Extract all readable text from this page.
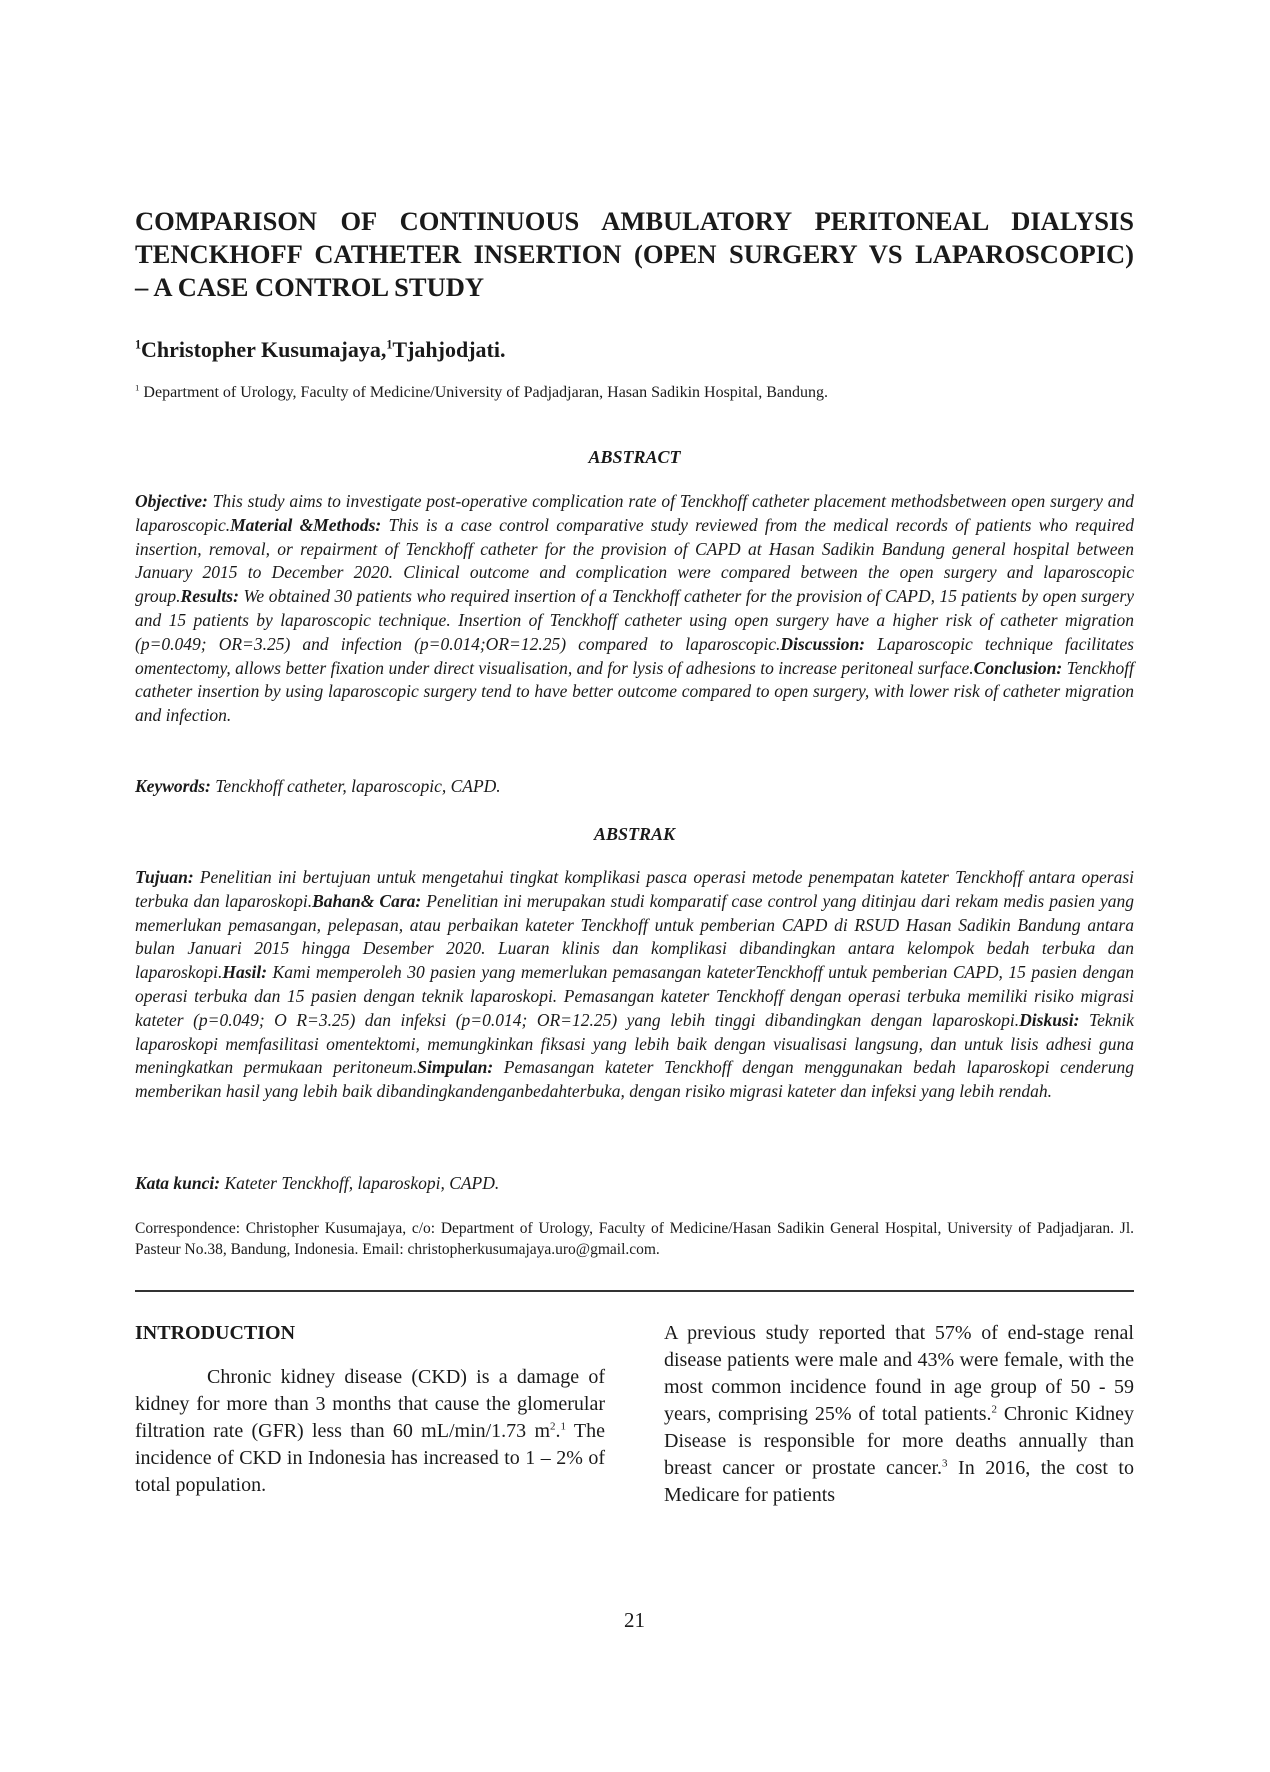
COMPARISON OF CONTINUOUS AMBULATORY PERITONEAL DIALYSIS
TENCKHOFF CATHETER INSERTION (OPEN SURGERY VS LAPAROSCOPIC)
– A CASE CONTROL STUDY

$^1$Christopher Kusumajaya,$^1$Tjahjodjati.

$^1$ Department of Urology, Faculty of Medicine/University of Padjadjaran, Hasan Sadikin Hospital, Bandung.

ABSTRACT

Objective: This study aims to investigate post-operative complication rate of Tenckhoff catheter placement methodsbetween open surgery and laparoscopic.Material &Methods: This is a case control comparative study reviewed from the medical records of patients who required insertion, removal, or repairment of Tenckhoff catheter for the provision of CAPD at Hasan Sadikin Bandung general hospital between January 2015 to December 2020. Clinical outcome and complication were compared between the open surgery and laparoscopic group.Results: We obtained 30 patients who required insertion of a Tenckhoff catheter for the provision of CAPD, 15 patients by open surgery and 15 patients by laparoscopic technique. Insertion of Tenckhoff catheter using open surgery have a higher risk of catheter migration (p=0.049; OR=3.25) and infection (p=0.014;OR=12.25) compared to laparoscopic.Discussion: Laparoscopic technique facilitates omentectomy, allows better fixation under direct visualisation, and for lysis of adhesions to increase peritoneal surface.Conclusion: Tenckhoff catheter insertion by using laparoscopic surgery tend to have better outcome compared to open surgery, with lower risk of catheter migration and infection.

Keywords: Tenckhoff catheter, laparoscopic, CAPD.

ABSTRAK

Tujuan: Penelitian ini bertujuan untuk mengetahui tingkat komplikasi pasca operasi metode penempatan kateter Tenckhoff antara operasi terbuka dan laparoskopi.Bahan& Cara: Penelitian ini merupakan studi komparatif case control yang ditinjau dari rekam medis pasien yang memerlukan pemasangan, pelepasan, atau perbaikan kateter Tenckhoff untuk pemberian CAPD di RSUD Hasan Sadikin Bandung antara bulan Januari 2015 hingga Desember 2020. Luaran klinis dan komplikasi dibandingkan antara kelompok bedah terbuka dan laparoskopi.Hasil: Kami memperoleh 30 pasien yang memerlukan pemasangan kateterTenckhoff untuk pemberian CAPD, 15 pasien dengan operasi terbuka dan 15 pasien dengan teknik laparoskopi. Pemasangan kateter Tenckhoff dengan operasi terbuka memiliki risiko migrasi kateter (p=0.049; O R=3.25) dan infeksi (p=0.014; OR=12.25) yang lebih tinggi dibandingkan dengan laparoskopi.Diskusi: Teknik laparoskopi memfasilitasi omentektomi, memungkinkan fiksasi yang lebih baik dengan visualisasi langsung, dan untuk lisis adhesi guna meningkatkan permukaan peritoneum.Simpulan: Pemasangan kateter Tenckhoff dengan menggunakan bedah laparoskopi cenderung memberikan hasil yang lebih baik dibandingkandenganbedahterbuka, dengan risiko migrasi kateter dan infeksi yang lebih rendah.

Kata kunci: Kateter Tenckhoff, laparoskopi, CAPD.

Correspondence: Christopher Kusumajaya, c/o: Department of Urology, Faculty of Medicine/Hasan Sadikin General Hospital, University of Padjadjaran. Jl. Pasteur No.38, Bandung, Indonesia. Email: christopherkusumajaya.uro@gmail.com.

INTRODUCTION

Chronic kidney disease (CKD) is a damage of kidney for more than 3 months that cause the glomerular filtration rate (GFR) less than 60 mL/min/1.73 $m^2.^1$ The incidence of CKD in Indonesia has increased to 1 – 2% of total population.

A previous study reported that 57% of end-stage renal disease patients were male and 43% were female, with the most common incidence found in age group of 50 - 59 years, comprising 25% of total patients.$^2$ Chronic Kidney Disease is responsible for more deaths annually than breast cancer or prostate cancer.$^3$ In 2016, the cost to Medicare for patients

21
